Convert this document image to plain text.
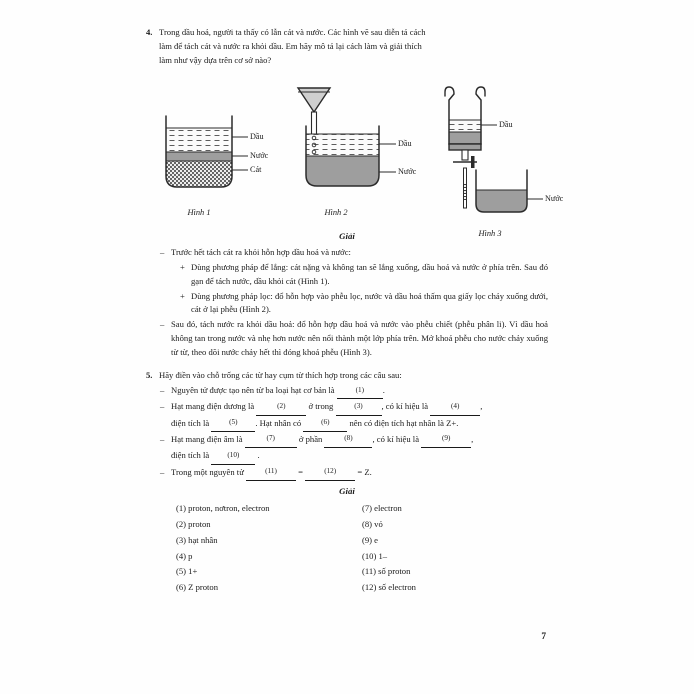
4. Trong dầu hoả, người ta thấy có lẫn cát và nước. Các hình vẽ sau diễn tả cách

làm để tách cát và nước ra khỏi dầu. Em hãy mô tả lại cách làm và giải thích

làm như vậy dựa trên cơ sở nào?

Dầu
Nước
Cát
Hình 1
Dầu
Nước
Hình 2
Dầu
Nước
Hình 3
Giải
– Trước hết tách cát ra khỏi hỗn hợp dầu hoả và nước:
+ Dùng phương pháp để lắng: cát nặng và không tan sẽ lắng xuống, dầu hoả và nước ở phía trên. Sau đó gạn để tách nước, dầu khỏi cát (Hình 1).
+ Dùng phương pháp lọc: đổ hỗn hợp vào phễu lọc, nước và dầu hoả thấm qua giấy lọc chảy xuống dưới, cát ở lại phễu (Hình 2).
– Sau đó, tách nước ra khỏi dầu hoả: đổ hỗn hợp dầu hoả và nước vào phễu chiết (phễu phân li). Vì dầu hoả không tan trong nước và nhẹ hơn nước nên nổi thành một lớp phía trên. Mở khoá phễu cho nước chảy xuống từ từ, theo dõi nước chảy hết thì đóng khoá phễu (Hình 3).
5. Hãy điền vào chỗ trống các từ hay cụm từ thích hợp trong các câu sau:
– Nguyên tử được tạo nên từ ba loại hạt cơ bản là	(1) .
– Hạt mang điện dương là	(2)	ở trong	(3) , có kí hiệu là	(4) ,
điện tích là	(5) . Hạt nhân có	(6) nên có điện tích hạt nhân là Z+.
– Hạt mang điện âm là	(7)	ở phần	(8) , có kí hiệu là	(9) ,
điện tích là	(10) .
– Trong một nguyên tử	(11) =	(12) = Z.
Giải
(1) proton, nơtron, electron
(2) proton
(3) hạt nhân
(4) p
(5) 1+
(6) Z proton
(7) electron
(8) vỏ
(9) e
(10) 1–
(11) số proton
(12) số electron
7
